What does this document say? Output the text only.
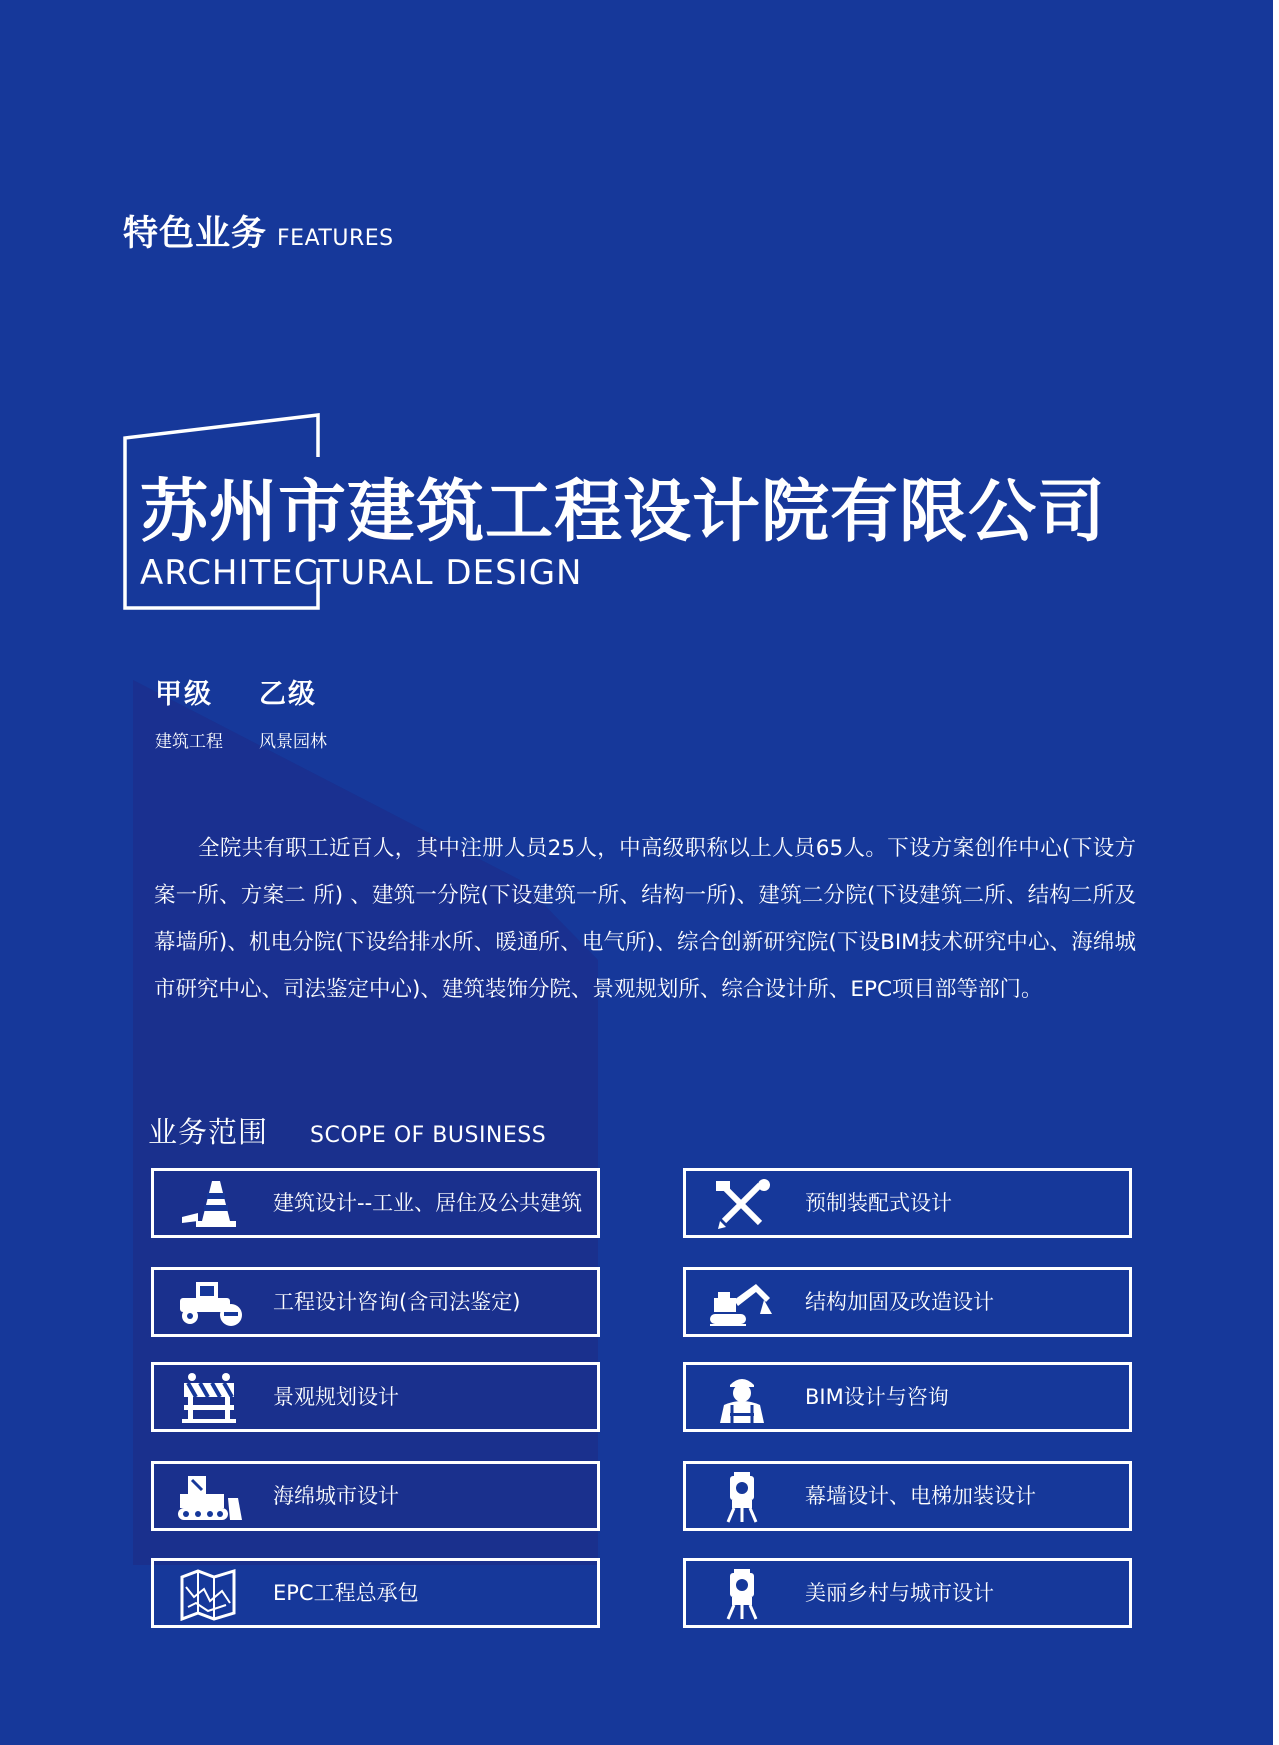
特色业务 FEATURES
苏州市建筑工程设计院有限公司
ARCHITECTURAL DESIGN
甲级
建筑工程
乙级
风景园林
全院共有职工近百人，其中注册人员25人，中高级职称以上人员65人。下设方案创作中心(下设方案一所、方案二 所) 、建筑一分院(下设建筑一所、结构一所)、建筑二分院(下设建筑二所、结构二所及幕墙所)、机电分院(下设给排水所、暖通所、电气所)、综合创新研究院(下设BIM技术研究中心、海绵城市研究中心、司法鉴定中心)、建筑装饰分院、景观规划所、综合设计所、EPC项目部等部门。
业务范围 SCOPE OF BUSINESS
建筑设计--工业、居住及公共建筑
工程设计咨询(含司法鉴定)
景观规划设计
海绵城市设计
EPC工程总承包
预制装配式设计
结构加固及改造设计
BIM设计与咨询
幕墙设计、电梯加装设计
美丽乡村与城市设计
